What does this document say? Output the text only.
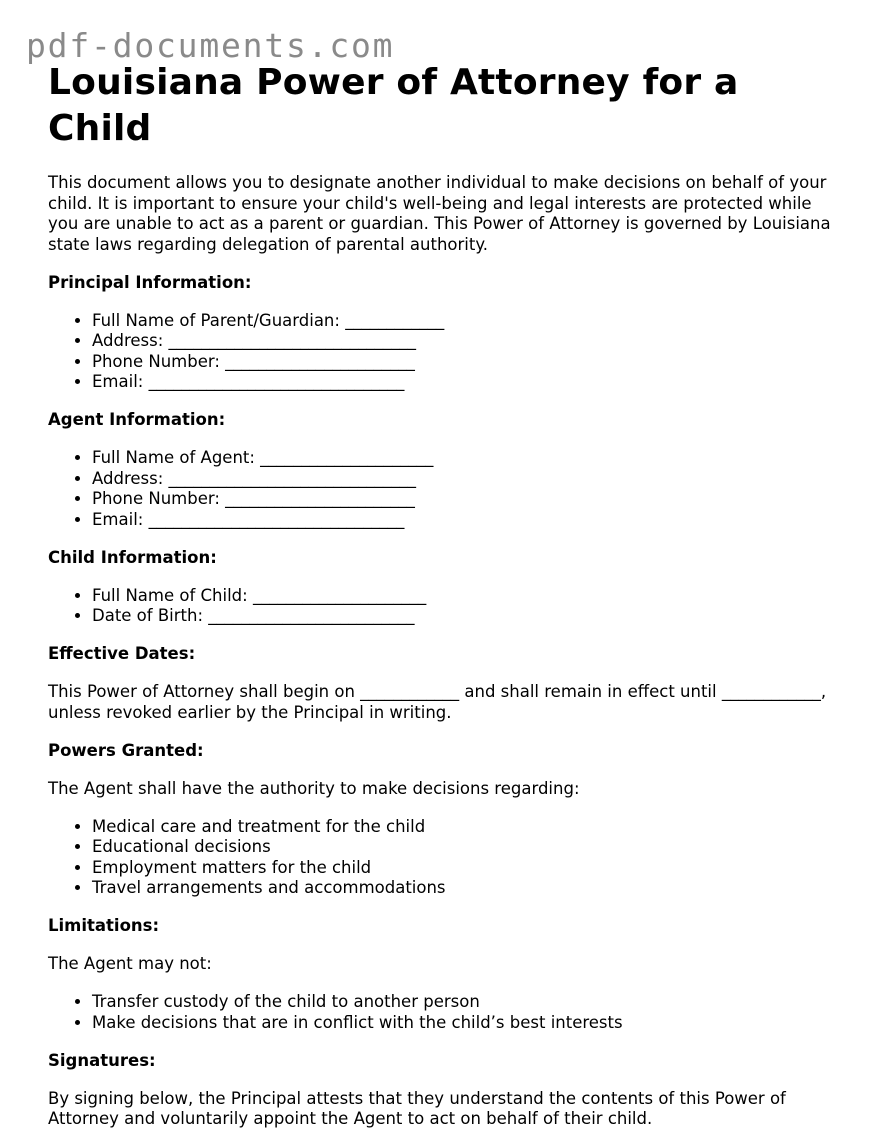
pdf-documents.com
Louisiana Power of Attorney for a Child

This document allows you to designate another individual to make decisions on behalf of your child. It is important to ensure your child's well-being and legal interests are protected while you are unable to act as a parent or guardian. This Power of Attorney is governed by Louisiana state laws regarding delegation of parental authority.

Principal Information:
• Full Name of Parent/Guardian: ____________
• Address: ______________________________
• Phone Number: _______________________
• Email: _______________________________
Agent Information:
• Full Name of Agent: _____________________
• Address: ______________________________
• Phone Number: _______________________
• Email: _______________________________
Child Information:
• Full Name of Child: _____________________
• Date of Birth: _________________________
Effective Dates:

This Power of Attorney shall begin on ____________ and shall remain in effect until ____________, unless revoked earlier by the Principal in writing.

Powers Granted:

The Agent shall have the authority to make decisions regarding:

• Medical care and treatment for the child
• Educational decisions
• Employment matters for the child
• Travel arrangements and accommodations
Limitations:

The Agent may not:

• Transfer custody of the child to another person
• Make decisions that are in conflict with the child’s best interests
Signatures:

By signing below, the Principal attests that they understand the contents of this Power of Attorney and voluntarily appoint the Agent to act on behalf of their child.
